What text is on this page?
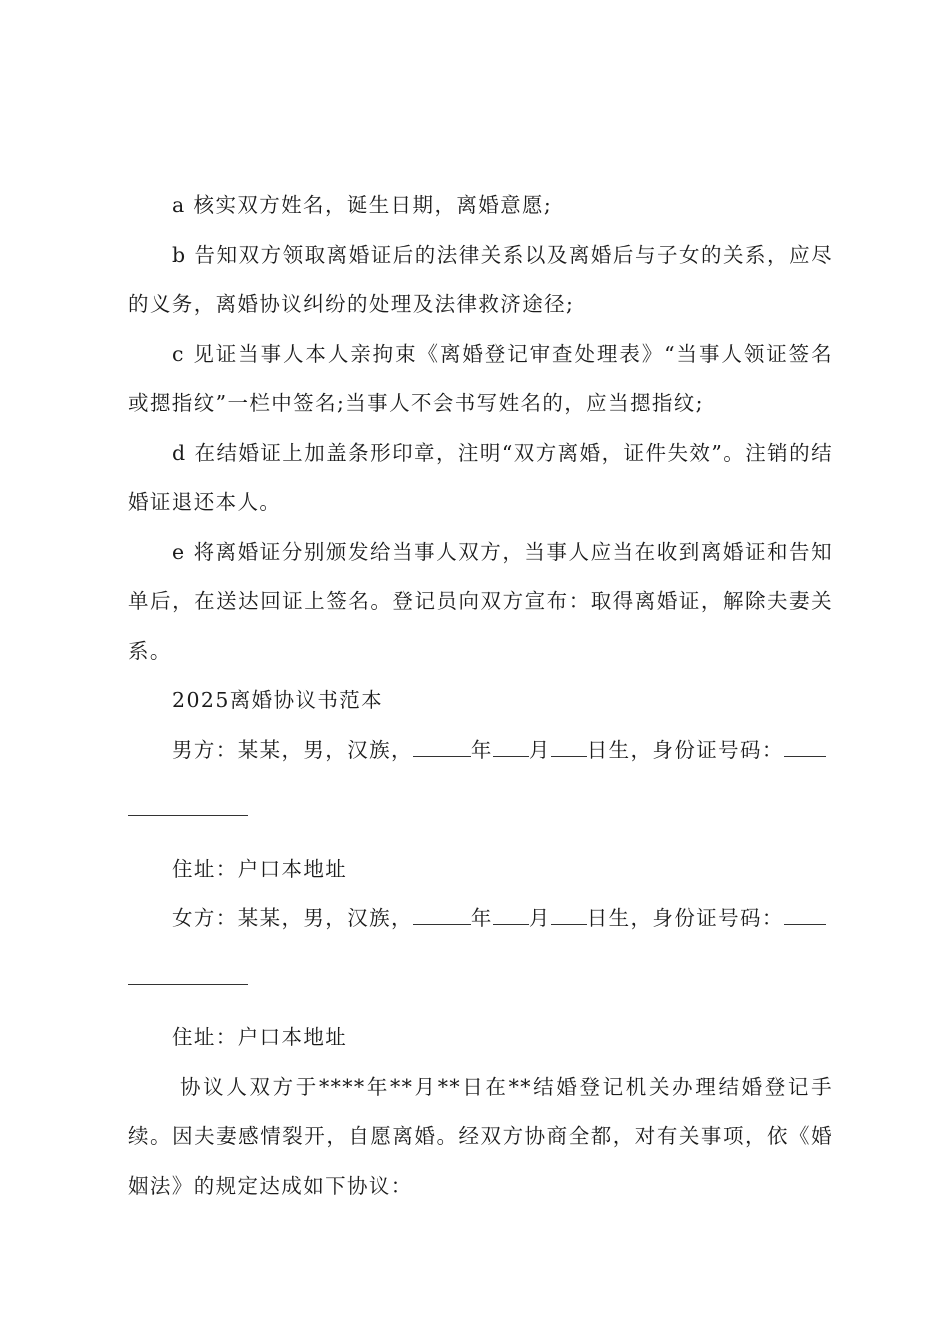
a 核实双方姓名，诞生日期，离婚意愿;

b 告知双方领取离婚证后的法律关系以及离婚后与子女的关系，应尽的义务，离婚协议纠纷的处理及法律救济途径;

c 见证当事人本人亲拘束《离婚登记审查处理表》“当事人领证签名或摁指纹”一栏中签名;当事人不会书写姓名的，应当摁指纹;

d 在结婚证上加盖条形印章，注明“双方离婚，证件失效”。注销的结婚证退还本人。

e 将离婚证分别颁发给当事人双方，当事人应当在收到离婚证和告知单后，在送达回证上签名。登记员向双方宣布：取得离婚证，解除夫妻关系。

2025离婚协议书范本

男方：某某，男，汉族，	年 月 日生，身份证号码：

住址：户口本地址

女方：某某，男，汉族，	年 月 日生，身份证号码：

住址：户口本地址

协议人双方于****年**月**日在**结婚登记机关办理结婚登记手续。因夫妻感情裂开，自愿离婚。经双方协商全都，对有关事项，依《婚姻法》的规定达成如下协议：
